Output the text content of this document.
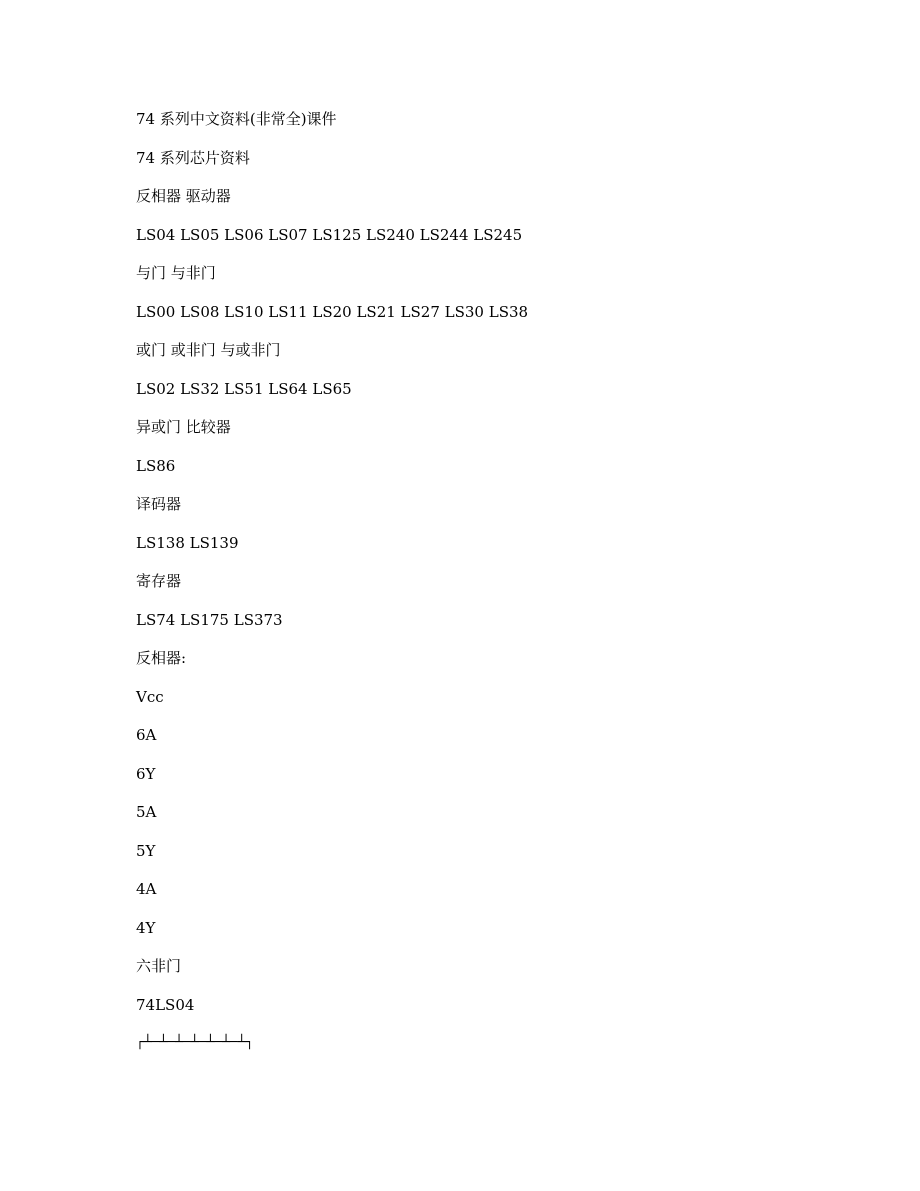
74 系列中文资料(非常全)课件
74 系列芯片资料
反相器 驱动器
LS04 LS05 LS06 LS07 LS125 LS240 LS244 LS245
与门 与非门
LS00 LS08 LS10 LS11 LS20 LS21 LS27 LS30 LS38
或门 或非门 与或非门
LS02 LS32 LS51 LS64 LS65
异或门 比较器
LS86
译码器
LS138 LS139
寄存器
LS74 LS175 LS373
反相器:
Vcc
6A
6Y
5A
5Y
4A
4Y
六非门
74LS04
┌┴─┴─┴─┴─┴─┴─┴┐
